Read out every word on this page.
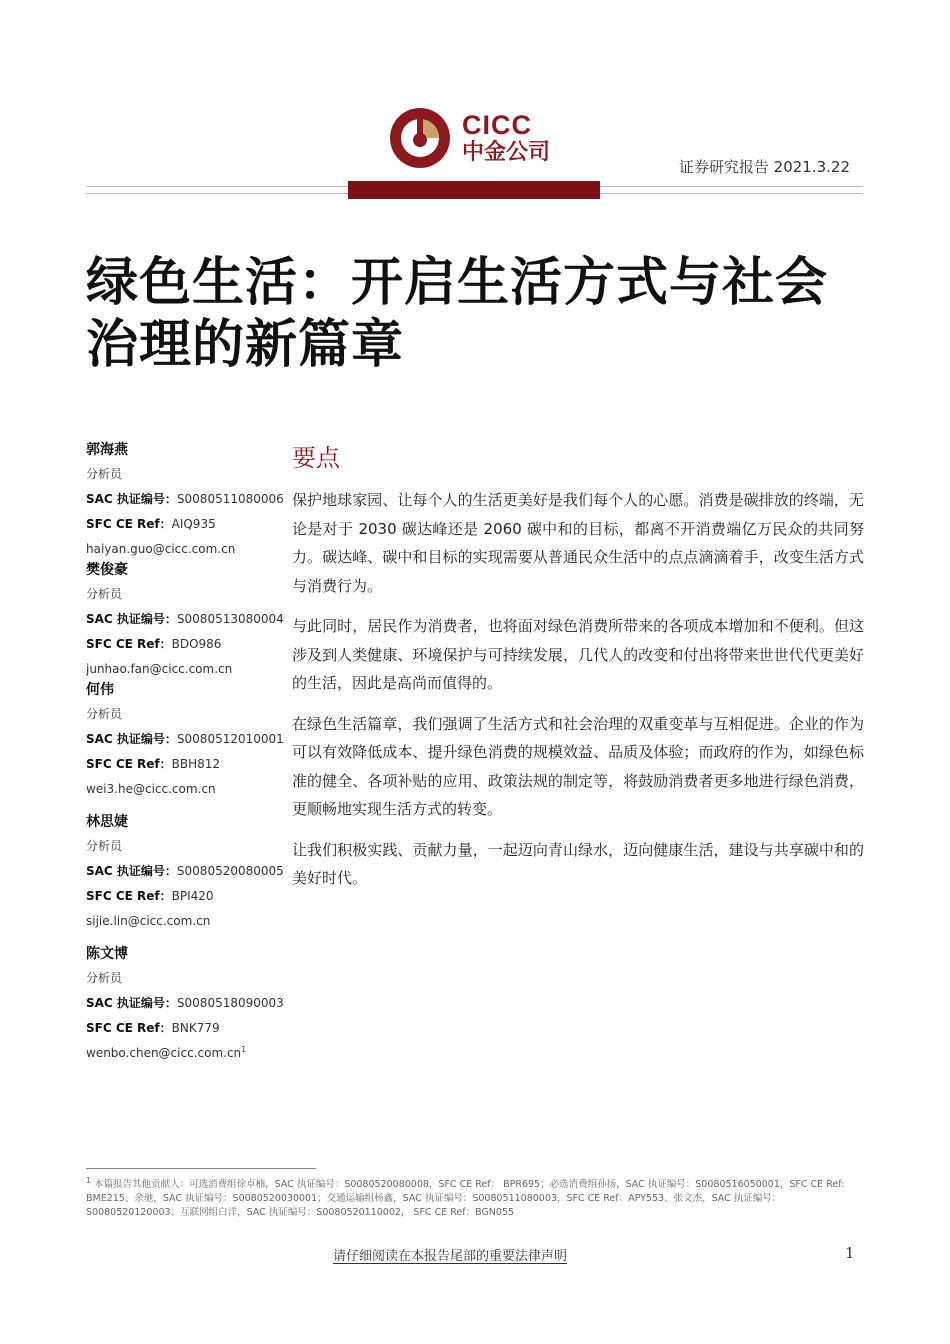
CICC
中金公司
证券研究报告 2021.3.22
绿色生活：开启生活方式与社会治理的新篇章
郭海燕
分析员
SAC 执证编号：S0080511080006
SFC CE Ref：AIQ935
haiyan.guo@cicc.com.cn
樊俊豪
分析员
SAC 执证编号：S0080513080004
SFC CE Ref：BDO986
junhao.fan@cicc.com.cn
何伟
分析员
SAC 执证编号：S0080512010001
SFC CE Ref：BBH812
wei3.he@cicc.com.cn
林思婕
分析员
SAC 执证编号：S0080520080005
SFC CE Ref：BPI420
sijie.lin@cicc.com.cn
陈文博
分析员
SAC 执证编号：S0080518090003
SFC CE Ref：BNK779
$wenbo.chen@cicc.com.cn^1$
要点

保护地球家园、让每个人的生活更美好是我们每个人的心愿。消费是碳排放的终端，无论是对于 2030 碳达峰还是 2060 碳中和的目标，都离不开消费端亿万民众的共同努力。碳达峰、碳中和目标的实现需要从普通民众生活中的点点滴滴着手，改变生活方式与消费行为。

与此同时，居民作为消费者，也将面对绿色消费所带来的各项成本增加和不便利。但这涉及到人类健康、环境保护与可持续发展，几代人的改变和付出将带来世世代代更美好的生活，因此是高尚而值得的。

在绿色生活篇章，我们强调了生活方式和社会治理的双重变革与互相促进。企业的作为可以有效降低成本、提升绿色消费的规模效益、品质及体验；而政府的作为，如绿色标准的健全、各项补贴的应用、政策法规的制定等，将鼓励消费者更多地进行绿色消费，更顺畅地实现生活方式的转变。

让我们积极实践、贡献力量，一起迈向青山绿水，迈向健康生活，建设与共享碳中和的美好时代。

$^1$ 本篇报告其他贡献人：可选消费组徐卓楠，SAC 执证编号：S0080520080008，SFC CE Ref： BPR695；必选消费组孙扬，SAC 执证编号：S0080516050001，SFC CE Ref: BME215、余驰，SAC 执证编号：S0080520030001；交通运输组杨鑫，SAC 执证编号：S0080511080003，SFC CE Ref：APY553、张文杰，SAC 执证编号：S0080520120003；互联网组白洋，SAC 执证编号：S0080520110002， SFC CE Ref：BGN055
请仔细阅读在本报告尾部的重要法律声明	1
